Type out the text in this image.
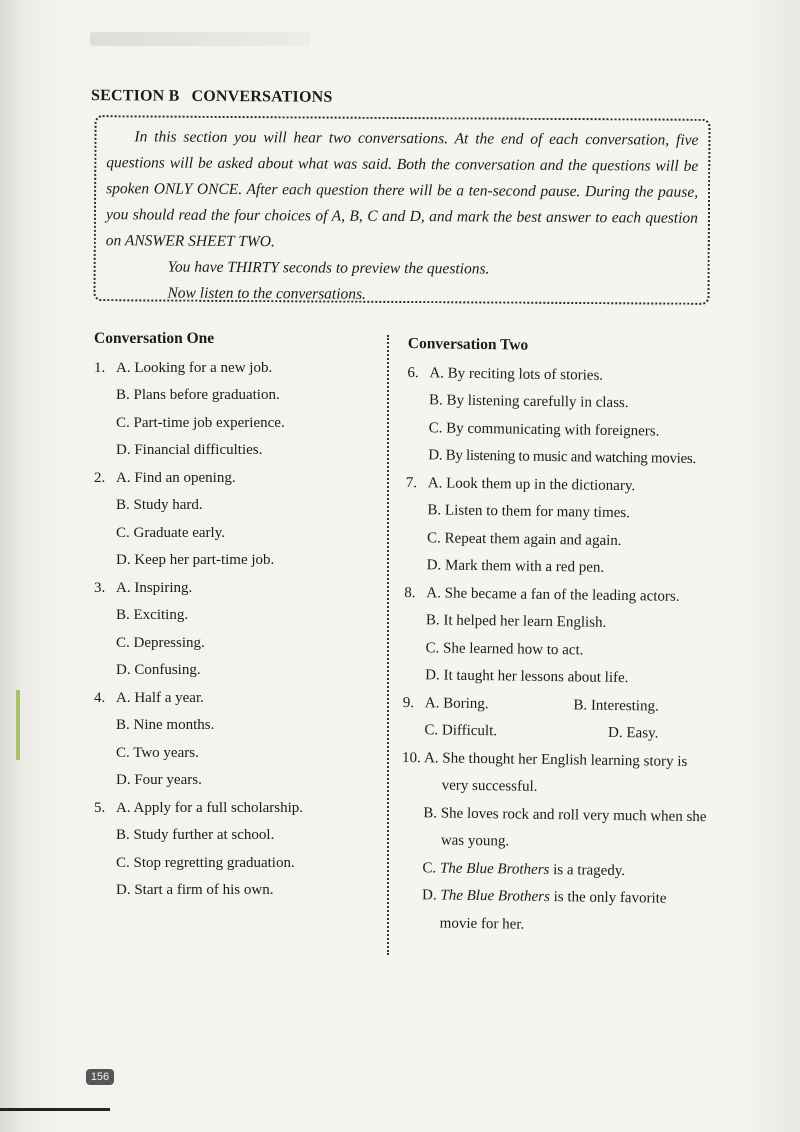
SECTION B CONVERSATIONS

In this section you will hear two conversations. At the end of each conversation, five questions will be asked about what was said. Both the conversation and the questions will be spoken ONLY ONCE. After each question there will be a ten-second pause. During the pause, you should read the four choices of A, B, C and D, and mark the best answer to each question on ANSWER SHEET TWO.

You have THIRTY seconds to preview the questions.

Now listen to the conversations.

Conversation One
1. A. Looking for a new job.
B. Plans before graduation.
C. Part-time job experience.
D. Financial difficulties.
2. A. Find an opening.
B. Study hard.
C. Graduate early.
D. Keep her part-time job.
3. A. Inspiring.
B. Exciting.
C. Depressing.
D. Confusing.
4. A. Half a year.
B. Nine months.
C. Two years.
D. Four years.
5. A. Apply for a full scholarship.
B. Study further at school.
C. Stop regretting graduation.
D. Start a firm of his own.
Conversation Two
6. A. By reciting lots of stories.
B. By listening carefully in class.
C. By communicating with foreigners.
D. By listening to music and watching movies.
7. A. Look them up in the dictionary.
B. Listen to them for many times.
C. Repeat them again and again.
D. Mark them with a red pen.
8. A. She became a fan of the leading actors.
B. It helped her learn English.
C. She learned how to act.
D. It taught her lessons about life.
9. A. Boring.	B. Interesting.
C. Difficult.	D. Easy.
10. A. She thought her English learning story is very successful.
B. She loves rock and roll very much when she was young.
C. The Blue Brothers is a tragedy.
D. The Blue Brothers is the only favorite movie for her.
156
